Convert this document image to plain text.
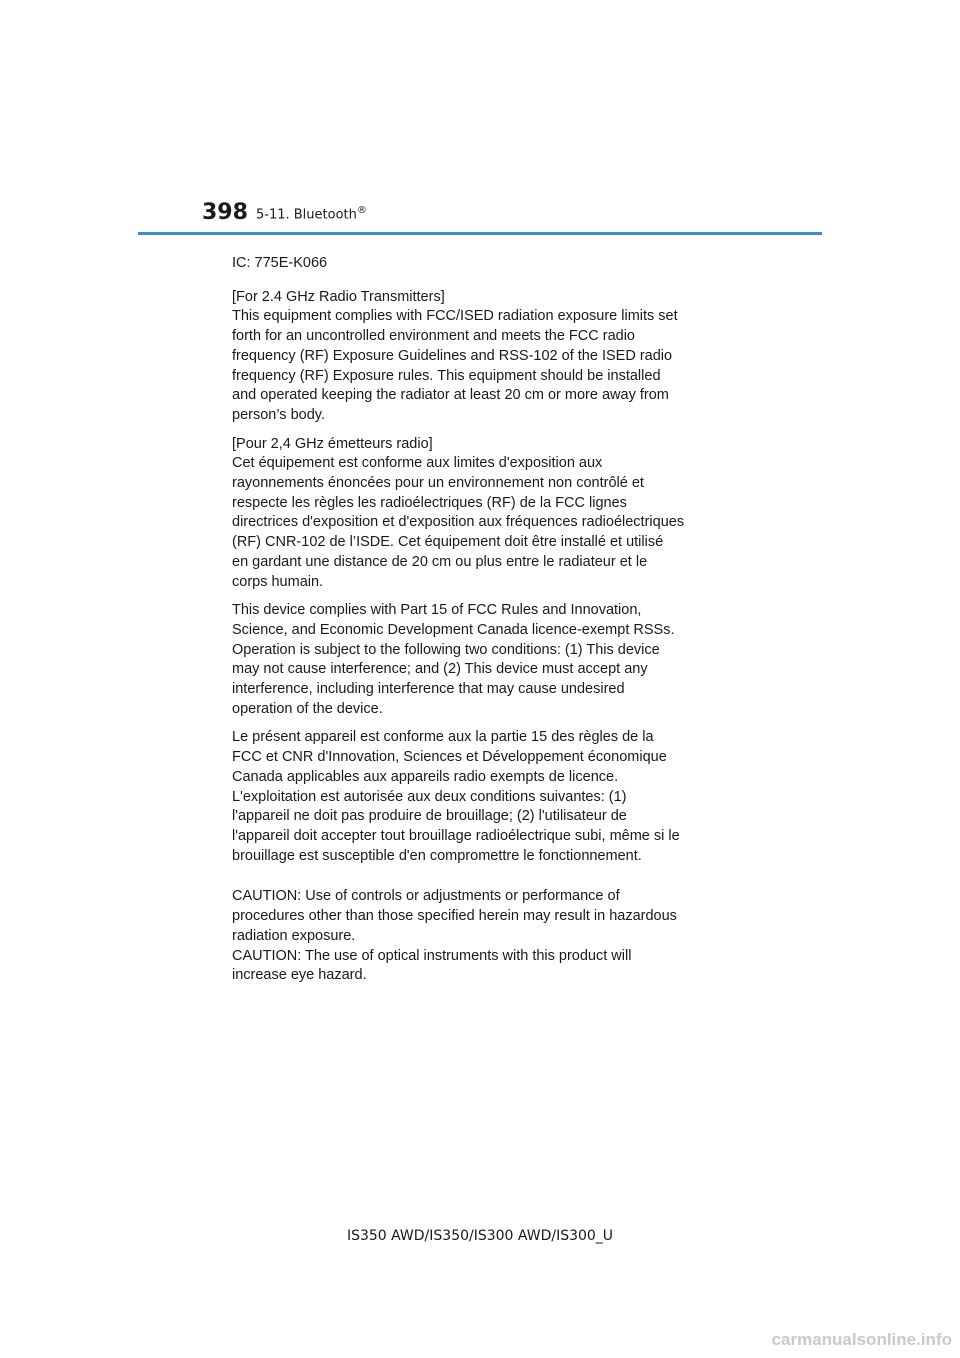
398 5-11. Bluetooth®

IC: 775E-K066

[For 2.4 GHz Radio Transmitters]
This equipment complies with FCC/ISED radiation exposure limits set
forth for an uncontrolled environment and meets the FCC radio
frequency (RF) Exposure Guidelines and RSS-102 of the ISED radio
frequency (RF) Exposure rules. This equipment should be installed
and operated keeping the radiator at least 20 cm or more away from
person’s body.

[Pour 2,4 GHz émetteurs radio]
Cet équipement est conforme aux limites d'exposition aux
rayonnements énoncées pour un environnement non contrôlé et
respecte les règles les radioélectriques (RF) de la FCC lignes
directrices d'exposition et d'exposition aux fréquences radioélectriques
(RF) CNR-102 de l’ISDE. Cet équipement doit être installé et utilisé
en gardant une distance de 20 cm ou plus entre le radiateur et le
corps humain.

This device complies with Part 15 of FCC Rules and Innovation,
Science, and Economic Development Canada licence-exempt RSSs.
Operation is subject to the following two conditions: (1) This device
may not cause interference; and (2) This device must accept any
interference, including interference that may cause undesired
operation of the device.

Le présent appareil est conforme aux la partie 15 des règles de la
FCC et CNR d'Innovation, Sciences et Développement économique
Canada applicables aux appareils radio exempts de licence.
L'exploitation est autorisée aux deux conditions suivantes: (1)
l'appareil ne doit pas produire de brouillage; (2) l'utilisateur de
l'appareil doit accepter tout brouillage radioélectrique subi, même si le
brouillage est susceptible d'en compromettre le fonctionnement.

CAUTION: Use of controls or adjustments or performance of
procedures other than those specified herein may result in hazardous
radiation exposure.
CAUTION: The use of optical instruments with this product will
increase eye hazard.

IS350 AWD/IS350/IS300 AWD/IS300_U
carmanualsonline.info
